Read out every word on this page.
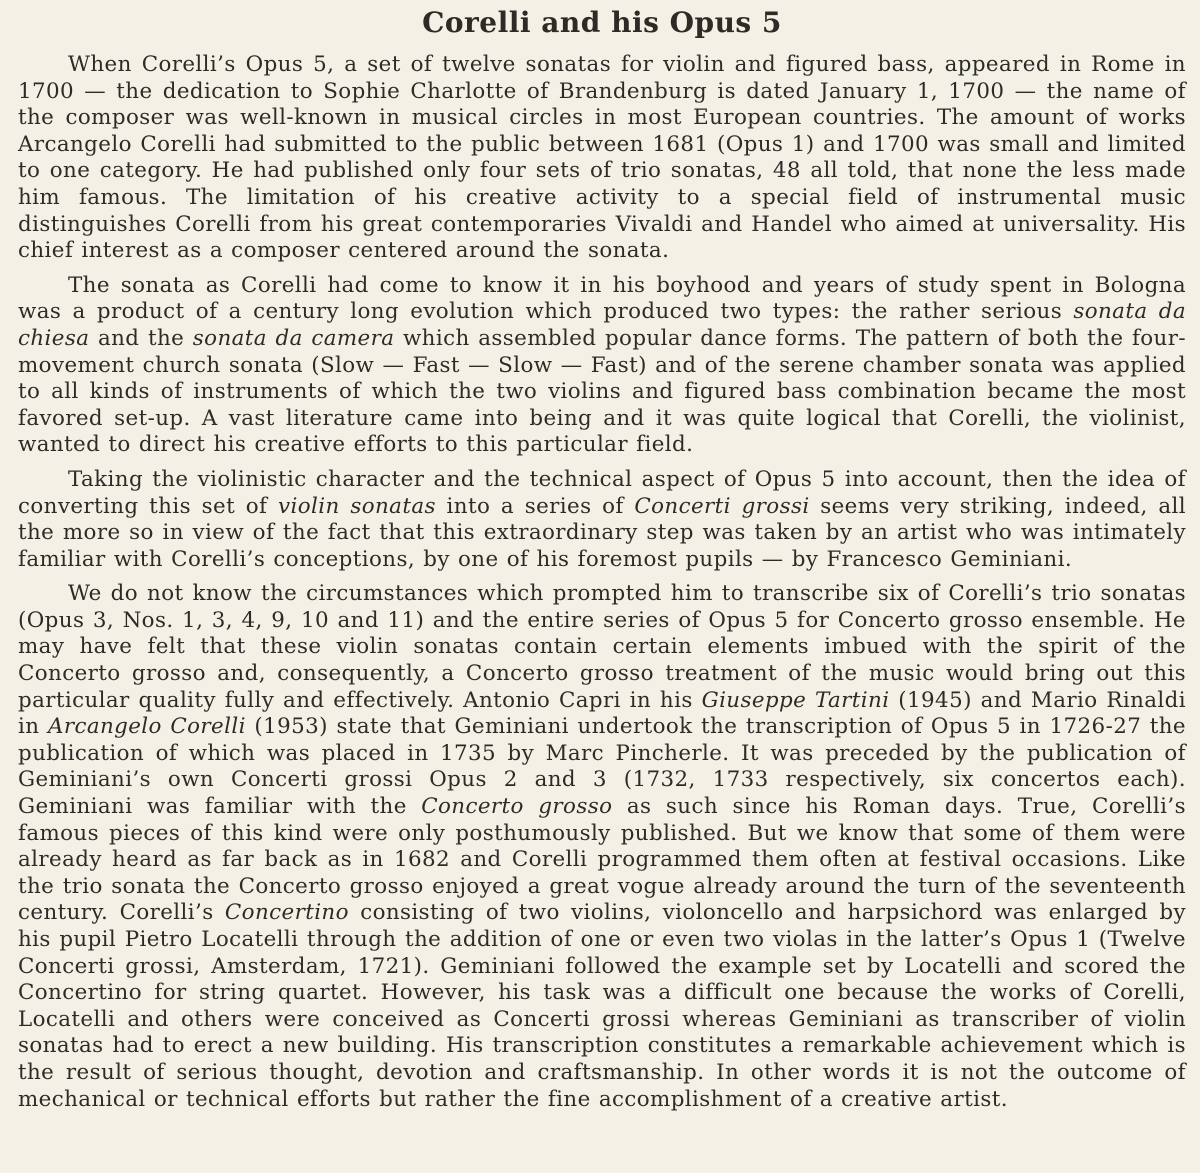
Corelli and his Opus 5

When Corelli’s Opus 5, a set of twelve sonatas for violin and figured bass, appeared in Rome in 1700 — the dedication to Sophie Charlotte of Brandenburg is dated January 1, 1700 — the name of the composer was well-known in musical circles in most European countries. The amount of works Arcangelo Corelli had submitted to the public between 1681 (Opus 1) and 1700 was small and limited to one category. He had published only four sets of trio sonatas, 48 all told, that none the less made him famous. The limitation of his creative activity to a special field of instrumental music distinguishes Corelli from his great contemporaries Vivaldi and Handel who aimed at universality. His chief interest as a composer centered around the sonata.

The sonata as Corelli had come to know it in his boyhood and years of study spent in Bologna was a product of a century long evolution which produced two types: the rather serious sonata da chiesa and the sonata da camera which assembled popular dance forms. The pattern of both the four-movement church sonata (Slow — Fast — Slow — Fast) and of the serene chamber sonata was applied to all kinds of instruments of which the two violins and figured bass combination became the most favored set-up. A vast literature came into being and it was quite logical that Corelli, the violinist, wanted to direct his creative efforts to this particular field.

Taking the violinistic character and the technical aspect of Opus 5 into account, then the idea of converting this set of violin sonatas into a series of Concerti grossi seems very striking, indeed, all the more so in view of the fact that this extraordinary step was taken by an artist who was intimately familiar with Corelli’s conceptions, by one of his foremost pupils — by Francesco Geminiani.

We do not know the circumstances which prompted him to transcribe six of Corelli’s trio sonatas (Opus 3, Nos. 1, 3, 4, 9, 10 and 11) and the entire series of Opus 5 for Concerto grosso ensemble. He may have felt that these violin sonatas contain certain elements imbued with the spirit of the Concerto grosso and, consequently, a Concerto grosso treatment of the music would bring out this particular quality fully and effectively. Antonio Capri in his Giuseppe Tartini (1945) and Mario Rinaldi in Arcangelo Corelli (1953) state that Geminiani undertook the transcription of Opus 5 in 1726-27 the publication of which was placed in 1735 by Marc Pincherle. It was preceded by the publication of Geminiani’s own Concerti grossi Opus 2 and 3 (1732, 1733 respectively, six concertos each). Geminiani was familiar with the Concerto grosso as such since his Roman days. True, Corelli’s famous pieces of this kind were only posthumously published. But we know that some of them were already heard as far back as in 1682 and Corelli programmed them often at festival occasions. Like the trio sonata the Concerto grosso enjoyed a great vogue already around the turn of the seventeenth century. Corelli’s Concertino consisting of two violins, violoncello and harpsichord was enlarged by his pupil Pietro Locatelli through the addition of one or even two violas in the latter’s Opus 1 (Twelve Concerti grossi, Amsterdam, 1721). Geminiani followed the example set by Locatelli and scored the Concertino for string quartet. However, his task was a difficult one because the works of Corelli, Locatelli and others were conceived as Concerti grossi whereas Geminiani as transcriber of violin sonatas had to erect a new building. His transcription constitutes a remarkable achievement which is the result of serious thought, devotion and craftsmanship. In other words it is not the outcome of mechanical or technical efforts but rather the fine accomplishment of a creative artist.
